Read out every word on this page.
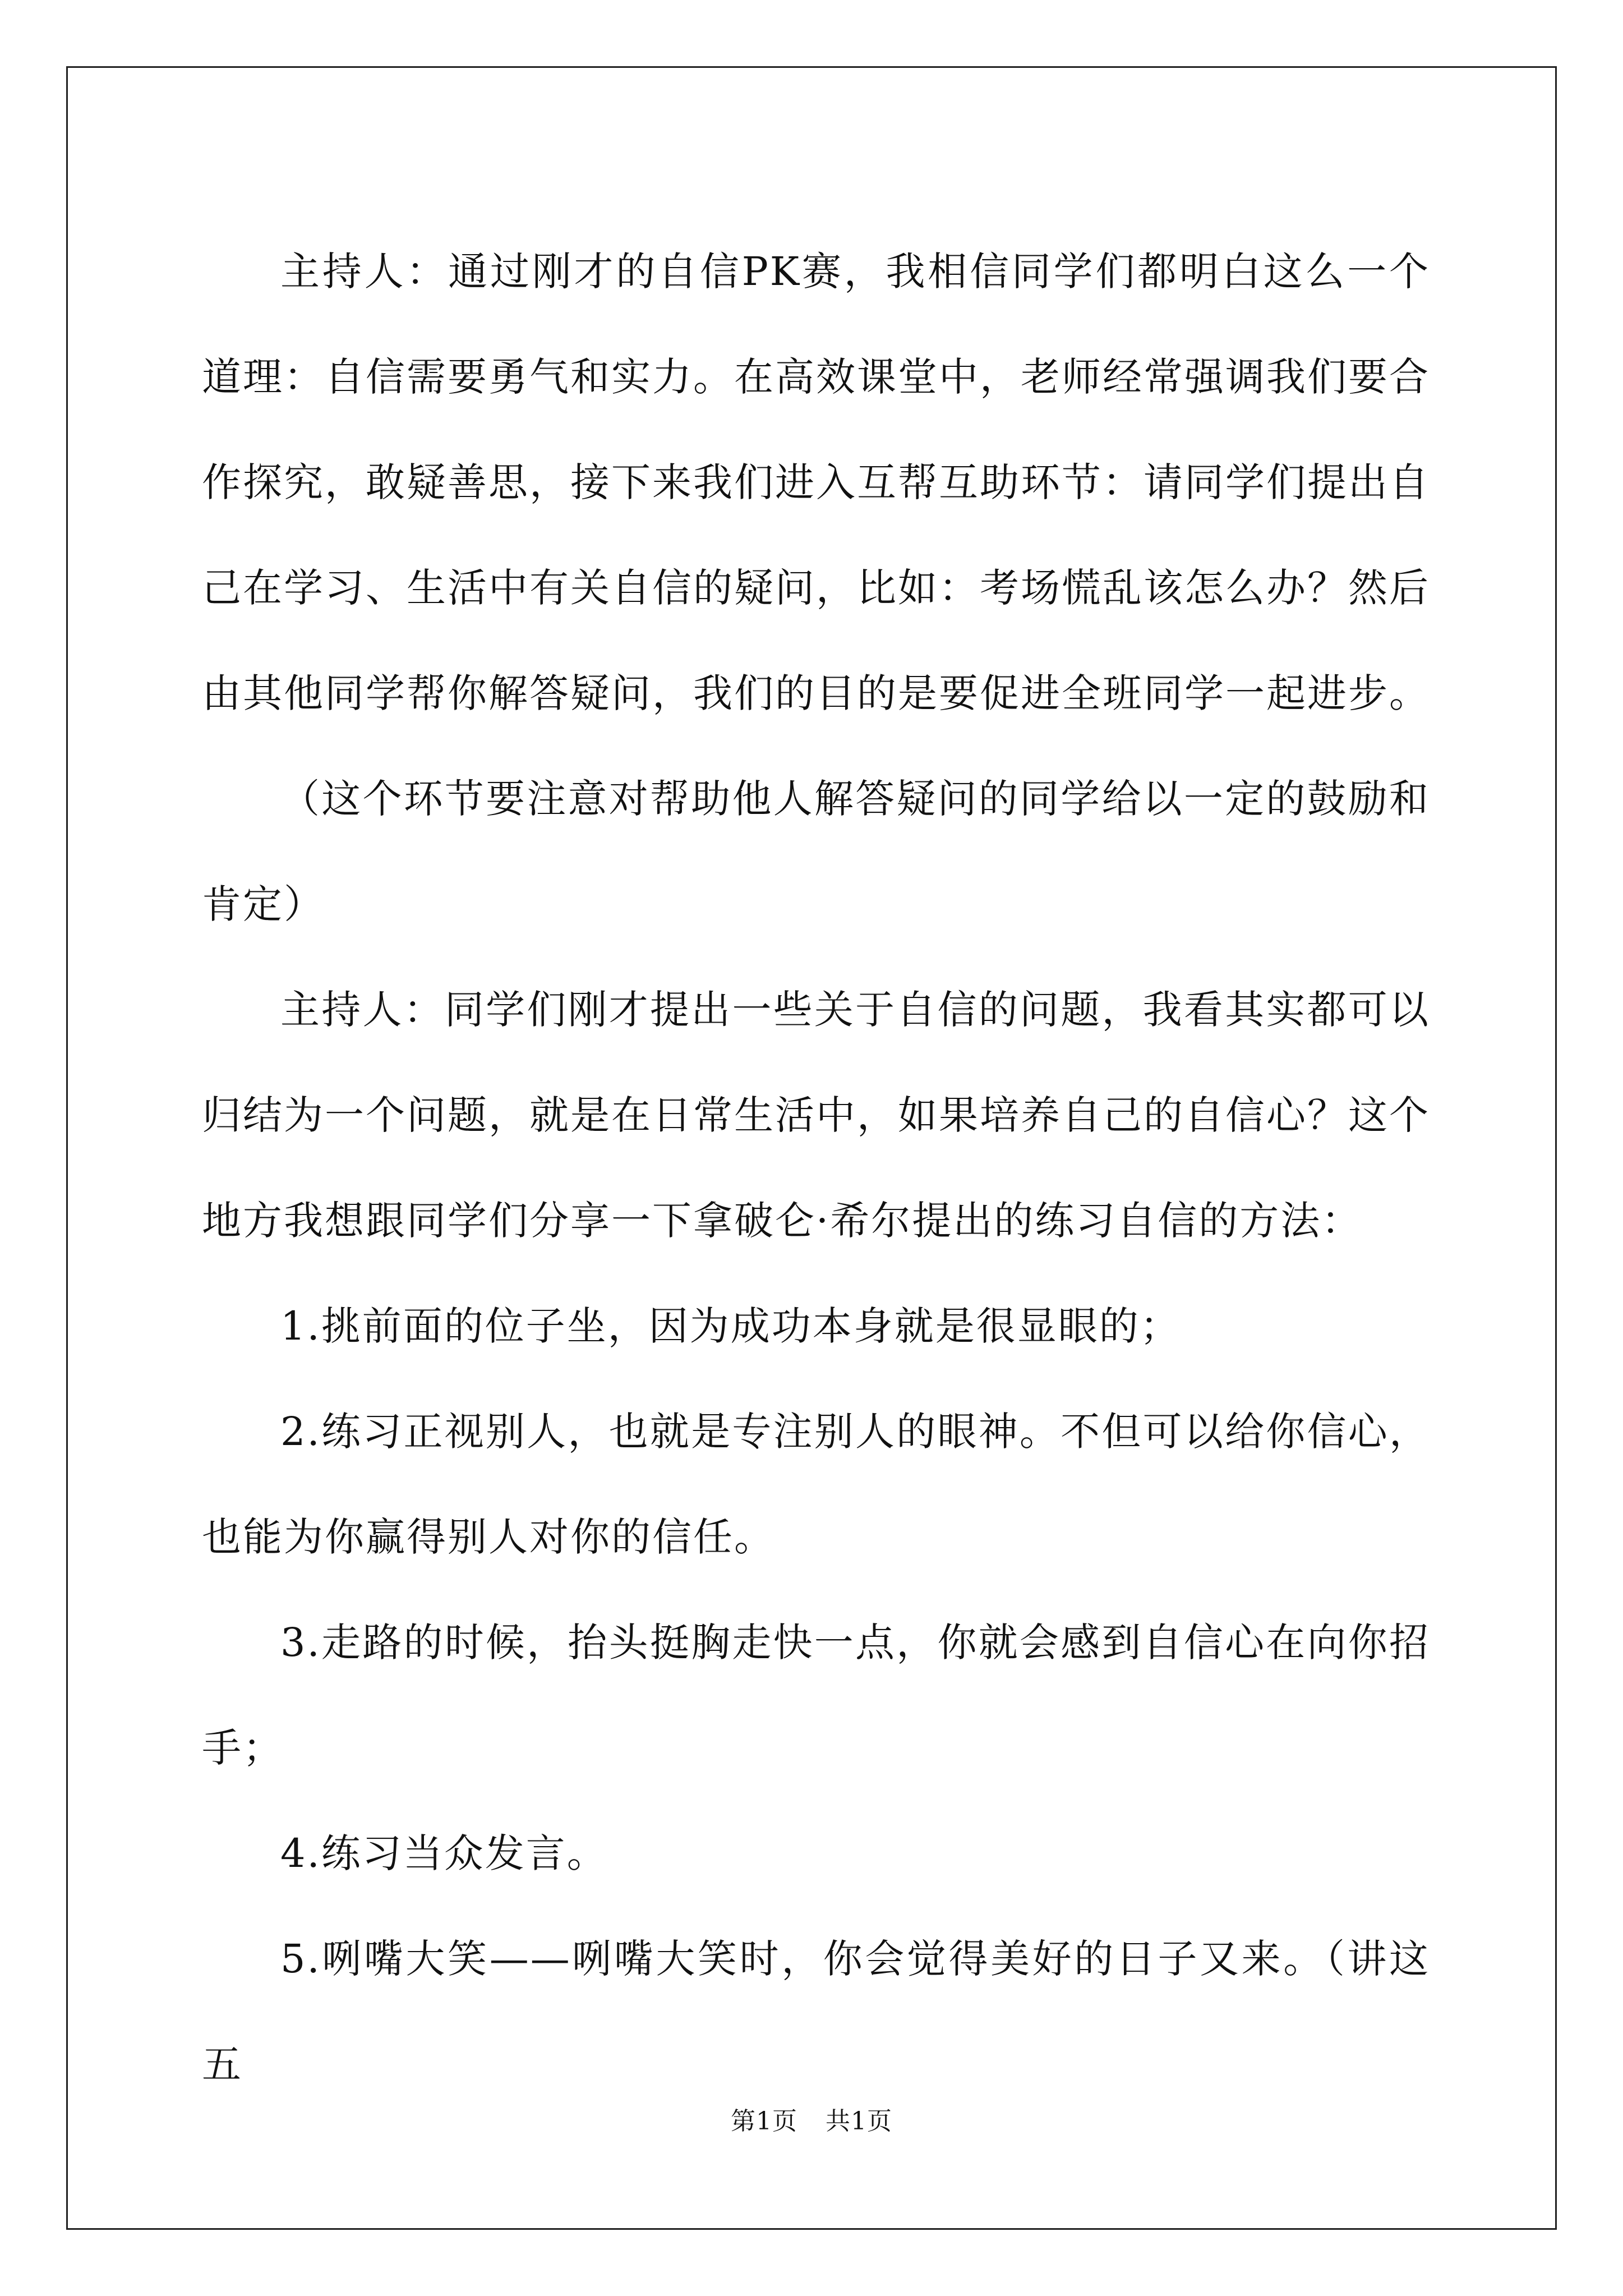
主持人：通过刚才的自信PK赛，我相信同学们都明白这么一个道理：自信需要勇气和实力。在高效课堂中，老师经常强调我们要合作探究，敢疑善思，接下来我们进入互帮互助环节：请同学们提出自己在学习、生活中有关自信的疑问，比如：考场慌乱该怎么办？然后由其他同学帮你解答疑问，我们的目的是要促进全班同学一起进步。

（这个环节要注意对帮助他人解答疑问的同学给以一定的鼓励和肯定）

主持人：同学们刚才提出一些关于自信的问题，我看其实都可以归结为一个问题，就是在日常生活中，如果培养自己的自信心？这个地方我想跟同学们分享一下拿破仑·希尔提出的练习自信的方法：

1.挑前面的位子坐，因为成功本身就是很显眼的；

2.练习正视别人，也就是专注别人的眼神。不但可以给你信心，也能为你赢得别人对你的信任。

3.走路的时候，抬头挺胸走快一点，你就会感到自信心在向你招手；

4.练习当众发言。

5.咧嘴大笑——咧嘴大笑时，你会觉得美好的日子又来。（讲这五

第1页 共1页
